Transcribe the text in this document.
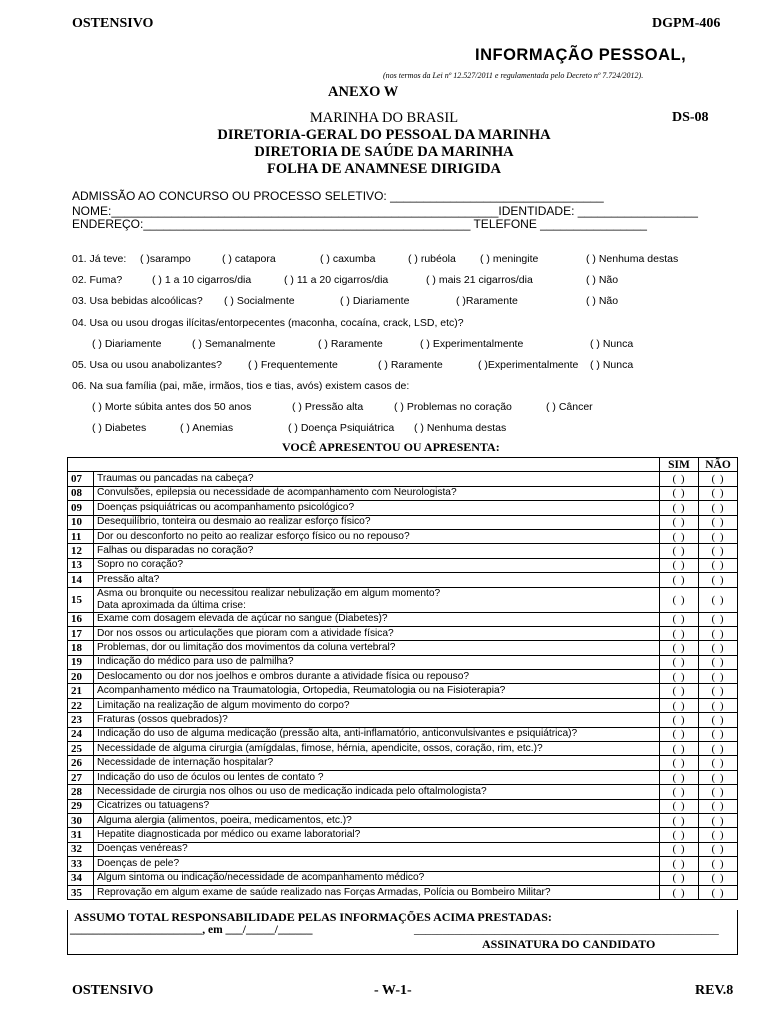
OSTENSIVO	DGPM-406
INFORMAÇÃO PESSOAL,
(nos termos da Lei nº 12.527/2011 e regulamentada pelo Decreto nº 7.724/2012).
ANEXO W
MARINHA DO BRASIL
DIRETORIA-GERAL DO PESSOAL DA MARINHA
DIRETORIA DE SAÚDE DA MARINHA
FOLHA DE ANAMNESE DIRIGIDA
DS-08
ADMISSÃO AO CONCURSO OU PROCESSO SELETIVO: ________________________________
NOME:__________________________________________________________IDENTIDADE: __________________
ENDEREÇO:_________________________________________________ TELEFONE ________________
01. Já teve: ( )sarampo	( ) catapora	( ) caxumba	( ) rubéola ( ) meningite	( ) Nenhuma destas
02. Fuma?	( ) 1 a 10 cigarros/dia	( ) 11 a 20 cigarros/dia	( ) mais 21 cigarros/dia	( ) Não
03. Usa bebidas alcoólicas? ( ) Socialmente	( ) Diariamente	( )Raramente	( ) Não
04. Usa ou usou drogas ilícitas/entorpecentes (maconha, cocaína, crack, LSD, etc)?
( ) Diariamente	( ) Semanalmente	( ) Raramente	( ) Experimentalmente	( ) Nunca
05. Usa ou usou anabolizantes? ( ) Frequentemente	( ) Raramente	( )Experimentalmente ( ) Nunca
06. Na sua família (pai, mãe, irmãos, tios e tias, avós) existem casos de:
( ) Morte súbita antes dos 50 anos	( ) Pressão alta	( ) Problemas no coração	( ) Câncer
( ) Diabetes	( ) Anemias	( ) Doença Psiquiátrica ( ) Nenhuma destas
VOCÊ APRESENTOU OU APRESENTA:
		SIM	NÃO
07	Traumas ou pancadas na cabeça?	( )	( )
08	Convulsões, epilepsia ou necessidade de acompanhamento com Neurologista?	( )	( )
09	Doenças psiquiátricas ou acompanhamento psicológico?	( )	( )
10	Desequilíbrio, tonteira ou desmaio ao realizar esforço físico?	( )	( )
11	Dor ou desconforto no peito ao realizar esforço físico ou no repouso?	( )	( )
12	Falhas ou disparadas no coração?	( )	( )
13	Sopro no coração?	( )	( )
14	Pressão alta?	( )	( )
15	Asma ou bronquite ou necessitou realizar nebulização em algum momento?
Data aproximada da última crise:	( )	( )
16	Exame com dosagem elevada de açúcar no sangue (Diabetes)?	( )	( )
17	Dor nos ossos ou articulações que pioram com a atividade física?	( )	( )
18	Problemas, dor ou limitação dos movimentos da coluna vertebral?	( )	( )
19	Indicação do médico para uso de palmilha?	( )	( )
20	Deslocamento ou dor nos joelhos e ombros durante a atividade física ou repouso?	( )	( )
21	Acompanhamento médico na Traumatologia, Ortopedia, Reumatologia ou na Fisioterapia?	( )	( )
22	Limitação na realização de algum movimento do corpo?	( )	( )
23	Fraturas (ossos quebrados)?	( )	( )
24	Indicação do uso de alguma medicação (pressão alta, anti-inflamatório, anticonvulsivantes e psiquiátrica)?	( )	( )
25	Necessidade de alguma cirurgia (amígdalas, fimose, hérnia, apendicite, ossos, coração, rim, etc.)?	( )	( )
26	Necessidade de internação hospitalar?	( )	( )
27	Indicação do uso de óculos ou lentes de contato ?	( )	( )
28	Necessidade de cirurgia nos olhos ou uso de medicação indicada pelo oftalmologista?	( )	( )
29	Cicatrizes ou tatuagens?	( )	( )
30	Alguma alergia (alimentos, poeira, medicamentos, etc.)?	( )	( )
31	Hepatite diagnosticada por médico ou exame laboratorial?	( )	( )
32	Doenças venéreas?	( )	( )
33	Doenças de pele?	( )	( )
34	Algum sintoma ou indicação/necessidade de acompanhamento médico?	( )	( )
35	Reprovação em algum exame de saúde realizado nas Forças Armadas, Polícia ou Bombeiro Militar?	( )	( )
ASSUMO TOTAL RESPONSABILIDADE PELAS INFORMAÇÕES ACIMA PRESTADAS:
_______________________, em ___/_____/______	_____________________________________________________
ASSINATURA DO CANDIDATO
OSTENSIVO	- W-1-	REV.8
